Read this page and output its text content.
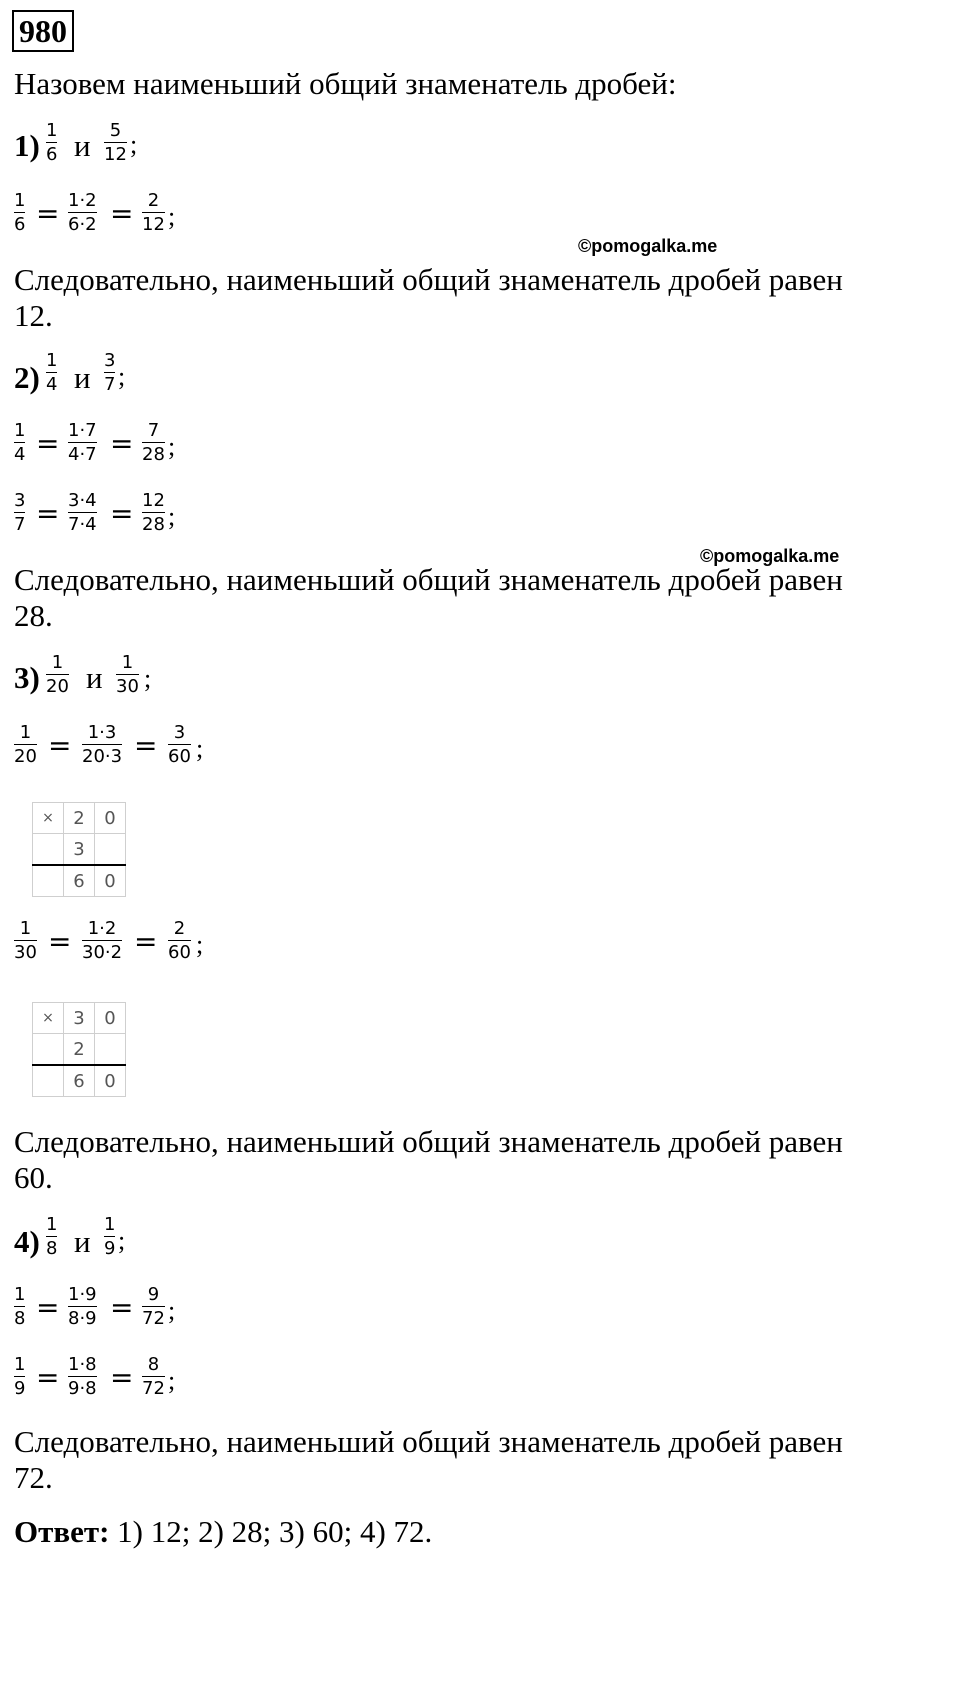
980
Назовем наименьший общий знаменатель дробей:
1) 1
6 и 5
12 ;
1
6 = 1·2
6·2 = 2
12 ;
©pomogalka.me
Следовательно, наименьший общий знаменатель дробей равен
12.
2) 1
4 и 3
7 ;
1
4 = 1·7
4·7 = 7
28 ;
3
7 = 3·4
7·4 = 12
28 ;
©pomogalka.me
Следовательно, наименьший общий знаменатель дробей равен
28.
3) 1
20 и 1
30 ;
1
20 = 1·3
20·3 = 3
60 ;
×	2	0
	3	
	6	0
1
30 = 1·2
30·2 = 2
60 ;
×	3	0
	2	
	6	0
Следовательно, наименьший общий знаменатель дробей равен
60.
4) 1
8 и 1
9 ;
1
8 = 1·9
8·9 = 9
72 ;
1
9 = 1·8
9·8 = 8
72 ;
Следовательно, наименьший общий знаменатель дробей равен
72.
Ответ: 1) 12; 2) 28; 3) 60; 4) 72.
